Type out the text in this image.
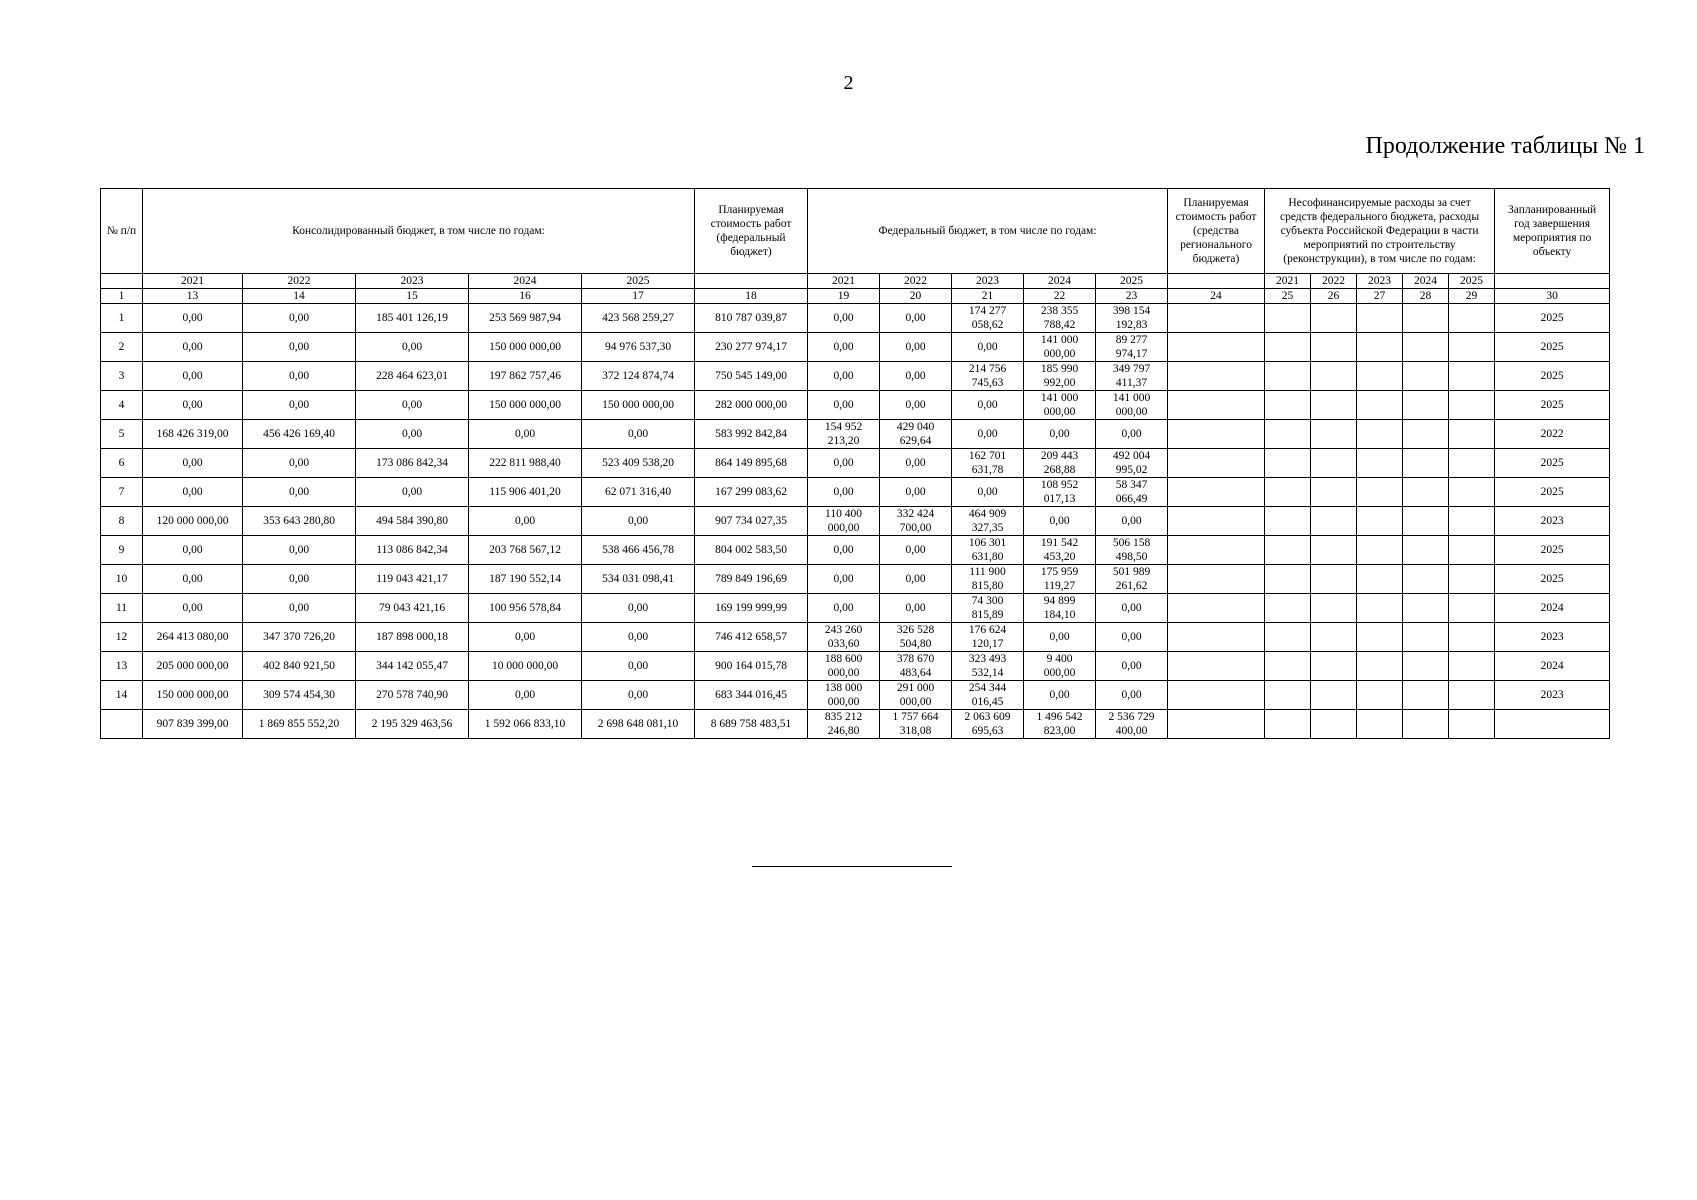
2
Продолжение таблицы № 1
№ п/п	Консолидированный бюджет, в том числе по годам:					Планируемая стоимость работ (федеральный бюджет)	Федеральный бюджет, в том числе по годам:					Планируемая стоимость работ (средства регионального бюджета)	Несофинансируемые расходы за счет средств федерального бюджета, расходы субъекта Российской Федерации в части мероприятий по строительству (реконструкции), в том числе по годам:					Запланированный год завершения мероприятия по объекту
	2021	2022	2023	2024	2025		2021	2022	2023	2024	2025		2021	2022	2023	2024	2025	
1	13	14	15	16	17	18	19	20	21	22	23	24	25	26	27	28	29	30
1	0,00	0,00	185 401 126,19	253 569 987,94	423 568 259,27	810 787 039,87	0,00	0,00	174 277 058,62	238 355 788,42	398 154 192,83							2025
2	0,00	0,00	0,00	150 000 000,00	94 976 537,30	230 277 974,17	0,00	0,00	0,00	141 000 000,00	89 277 974,17							2025
3	0,00	0,00	228 464 623,01	197 862 757,46	372 124 874,74	750 545 149,00	0,00	0,00	214 756 745,63	185 990 992,00	349 797 411,37							2025
4	0,00	0,00	0,00	150 000 000,00	150 000 000,00	282 000 000,00	0,00	0,00	0,00	141 000 000,00	141 000 000,00							2025
5	168 426 319,00	456 426 169,40	0,00	0,00	0,00	583 992 842,84	154 952 213,20	429 040 629,64	0,00	0,00	0,00							2022
6	0,00	0,00	173 086 842,34	222 811 988,40	523 409 538,20	864 149 895,68	0,00	0,00	162 701 631,78	209 443 268,88	492 004 995,02							2025
7	0,00	0,00	0,00	115 906 401,20	62 071 316,40	167 299 083,62	0,00	0,00	0,00	108 952 017,13	58 347 066,49							2025
8	120 000 000,00	353 643 280,80	494 584 390,80	0,00	0,00	907 734 027,35	110 400 000,00	332 424 700,00	464 909 327,35	0,00	0,00							2023
9	0,00	0,00	113 086 842,34	203 768 567,12	538 466 456,78	804 002 583,50	0,00	0,00	106 301 631,80	191 542 453,20	506 158 498,50							2025
10	0,00	0,00	119 043 421,17	187 190 552,14	534 031 098,41	789 849 196,69	0,00	0,00	111 900 815,80	175 959 119,27	501 989 261,62							2025
11	0,00	0,00	79 043 421,16	100 956 578,84	0,00	169 199 999,99	0,00	0,00	74 300 815,89	94 899 184,10	0,00							2024
12	264 413 080,00	347 370 726,20	187 898 000,18	0,00	0,00	746 412 658,57	243 260 033,60	326 528 504,80	176 624 120,17	0,00	0,00							2023
13	205 000 000,00	402 840 921,50	344 142 055,47	10 000 000,00	0,00	900 164 015,78	188 600 000,00	378 670 483,64	323 493 532,14	9 400 000,00	0,00							2024
14	150 000 000,00	309 574 454,30	270 578 740,90	0,00	0,00	683 344 016,45	138 000 000,00	291 000 000,00	254 344 016,45	0,00	0,00							2023
	907 839 399,00	1 869 855 552,20	2 195 329 463,56	1 592 066 833,10	2 698 648 081,10	8 689 758 483,51	835 212 246,80	1 757 664 318,08	2 063 609 695,63	1 496 542 823,00	2 536 729 400,00							
